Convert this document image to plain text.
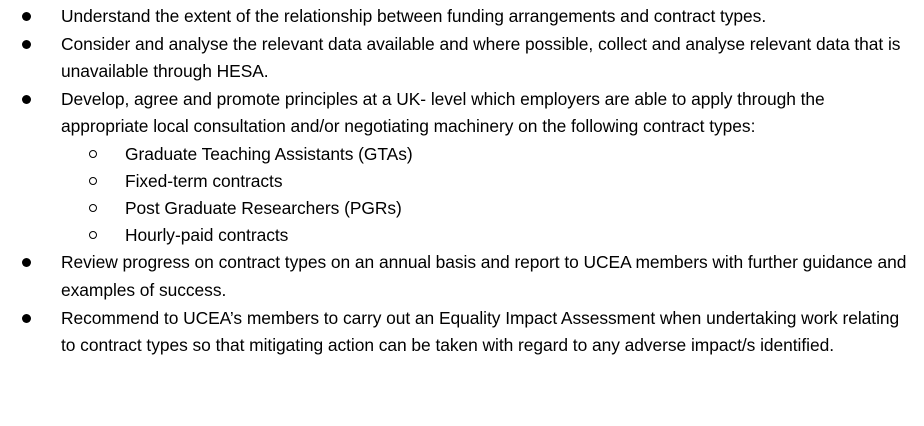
Understand the extent of the relationship between funding arrangements and contract types.
Consider and analyse the relevant data available and where possible, collect and analyse relevant data that is unavailable through HESA.
Develop, agree and promote principles at a UK- level which employers are able to apply through the appropriate local consultation and/or negotiating machinery on the following contract types:
Graduate Teaching Assistants (GTAs)
Fixed-term contracts
Post Graduate Researchers (PGRs)
Hourly-paid contracts
Review progress on contract types on an annual basis and report to UCEA members with further guidance and examples of success.
Recommend to UCEA’s members to carry out an Equality Impact Assessment when undertaking work relating to contract types so that mitigating action can be taken with regard to any adverse impact/s identified.
